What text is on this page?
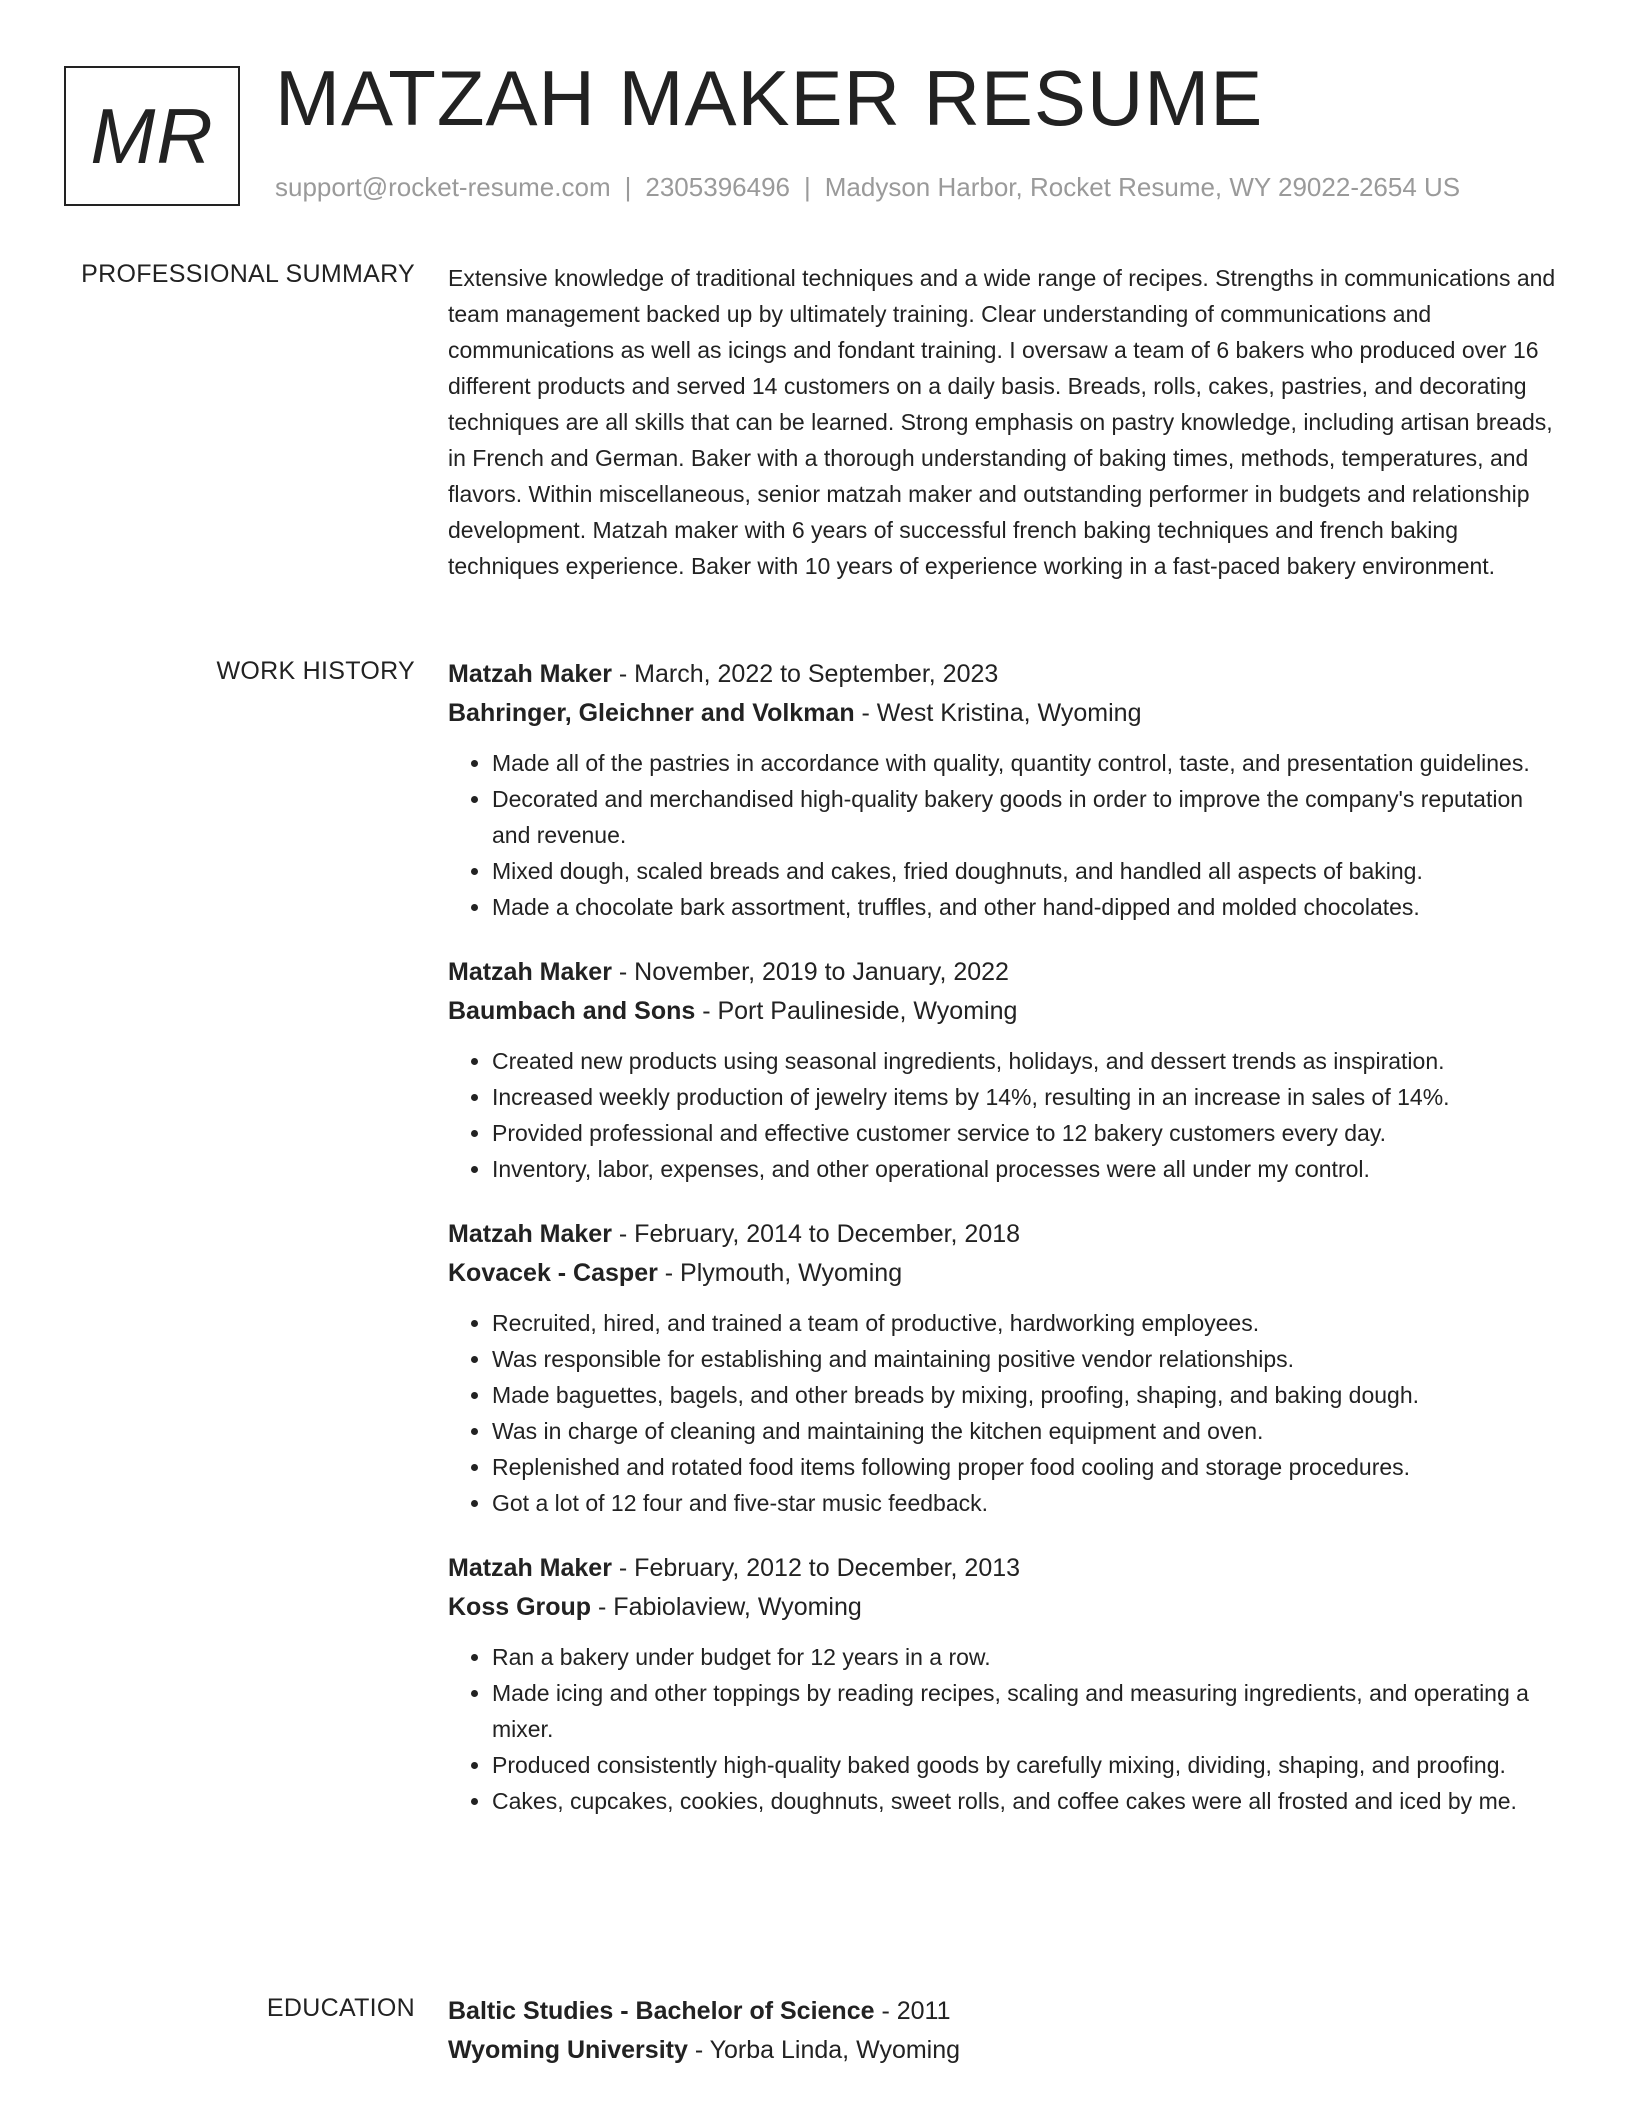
MR MATZAH MAKER RESUME
support@rocket-resume.com | 2305396496 | Madyson Harbor, Rocket Resume, WY 29022-2654 US
PROFESSIONAL SUMMARY Extensive knowledge of traditional techniques and a wide range of recipes. Strengths in communications and team management backed up by ultimately training. Clear understanding of communications and communications as well as icings and fondant training. I oversaw a team of 6 bakers who produced over 16 different products and served 14 customers on a daily basis. Breads, rolls, cakes, pastries, and decorating techniques are all skills that can be learned. Strong emphasis on pastry knowledge, including artisan breads, in French and German. Baker with a thorough understanding of baking times, methods, temperatures, and flavors. Within miscellaneous, senior matzah maker and outstanding performer in budgets and relationship development. Matzah maker with 6 years of successful french baking techniques and french baking techniques experience. Baker with 10 years of experience working in a fast-paced bakery environment.

WORK HISTORY Matzah Maker - March, 2022 to September, 2023
Bahringer, Gleichner and Volkman - West Kristina, Wyoming
• Made all of the pastries in accordance with quality, quantity control, taste, and presentation guidelines.
• Decorated and merchandised high-quality bakery goods in order to improve the company's reputation and revenue.
• Mixed dough, scaled breads and cakes, fried doughnuts, and handled all aspects of baking.
• Made a chocolate bark assortment, truffles, and other hand-dipped and molded chocolates.
Matzah Maker - November, 2019 to January, 2022
Baumbach and Sons - Port Paulineside, Wyoming
• Created new products using seasonal ingredients, holidays, and dessert trends as inspiration.
• Increased weekly production of jewelry items by 14%, resulting in an increase in sales of 14%.
• Provided professional and effective customer service to 12 bakery customers every day.
• Inventory, labor, expenses, and other operational processes were all under my control.
Matzah Maker - February, 2014 to December, 2018
Kovacek - Casper - Plymouth, Wyoming
• Recruited, hired, and trained a team of productive, hardworking employees.
• Was responsible for establishing and maintaining positive vendor relationships.
• Made baguettes, bagels, and other breads by mixing, proofing, shaping, and baking dough.
• Was in charge of cleaning and maintaining the kitchen equipment and oven.
• Replenished and rotated food items following proper food cooling and storage procedures.
• Got a lot of 12 four and five-star music feedback.
Matzah Maker - February, 2012 to December, 2013
Koss Group - Fabiolaview, Wyoming
• Ran a bakery under budget for 12 years in a row.
• Made icing and other toppings by reading recipes, scaling and measuring ingredients, and operating a mixer.
• Produced consistently high-quality baked goods by carefully mixing, dividing, shaping, and proofing.
• Cakes, cupcakes, cookies, doughnuts, sweet rolls, and coffee cakes were all frosted and iced by me.
EDUCATION Baltic Studies - Bachelor of Science - 2011
Wyoming University - Yorba Linda, Wyoming
